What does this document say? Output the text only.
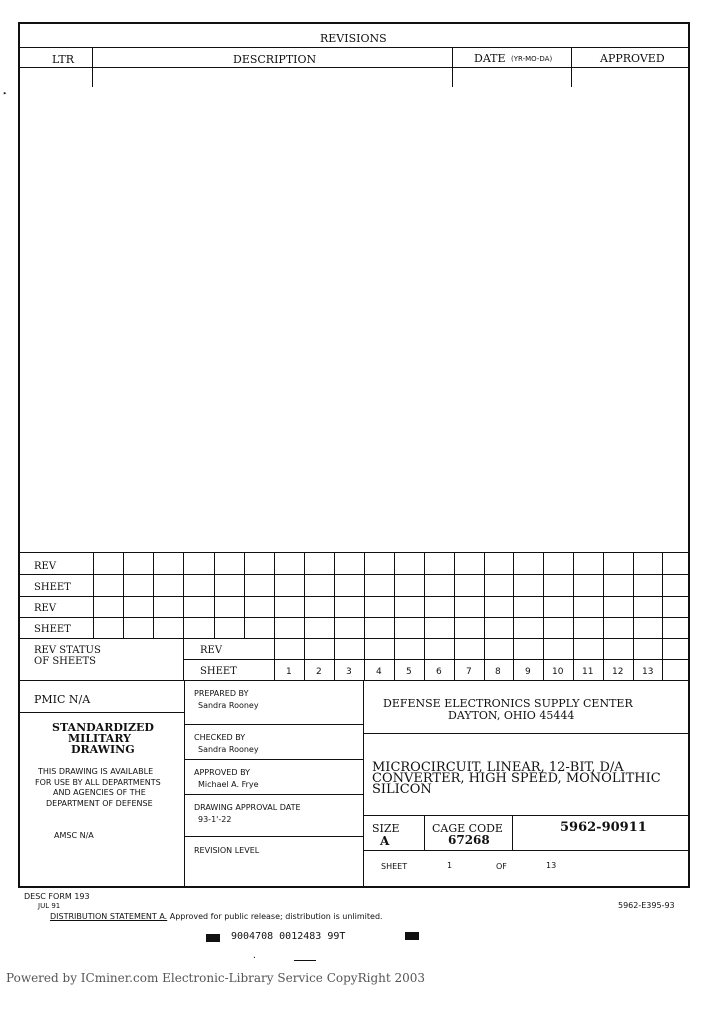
▸
REVISIONS
LTR	DESCRIPTION	DATE (YR-MO-DA)	APPROVED
REV
SHEET
REV
SHEET
REV STATUS
OF SHEETS
REV
SHEET	1	2	3	4	5	6	7	8	9 10 11 12 13
PMIC N/A
STANDARDIZED
MILITARY
DRAWING
THIS DRAWING IS AVAILABLE
FOR USE BY ALL DEPARTMENTS
AND AGENCIES OF THE
DEPARTMENT OF DEFENSE
AMSC N/A
PREPARED BY
Sandra Rooney
CHECKED BY
Sandra Rooney
APPROVED BY
Michael A. Frye
DRAWING APPROVAL DATE
93-1'-22
REVISION LEVEL
DEFENSE ELECTRONICS SUPPLY CENTER
DAYTON, OHIO 45444
MICROCIRCUIT, LINEAR, 12-BIT, D/A
CONVERTER, HIGH SPEED, MONOLITHIC
SILICON
SIZE
A
CAGE CODE
67268
5962-90911
SHEET	1	OF	13
DESC FORM 193
JUL 91	5962-E395-93
DISTRIBUTION STATEMENT A. Approved for public release; distribution is unlimited.
9004708 0012483 99T
·
Powered by ICminer.com Electronic-Library Service CopyRight 2003
